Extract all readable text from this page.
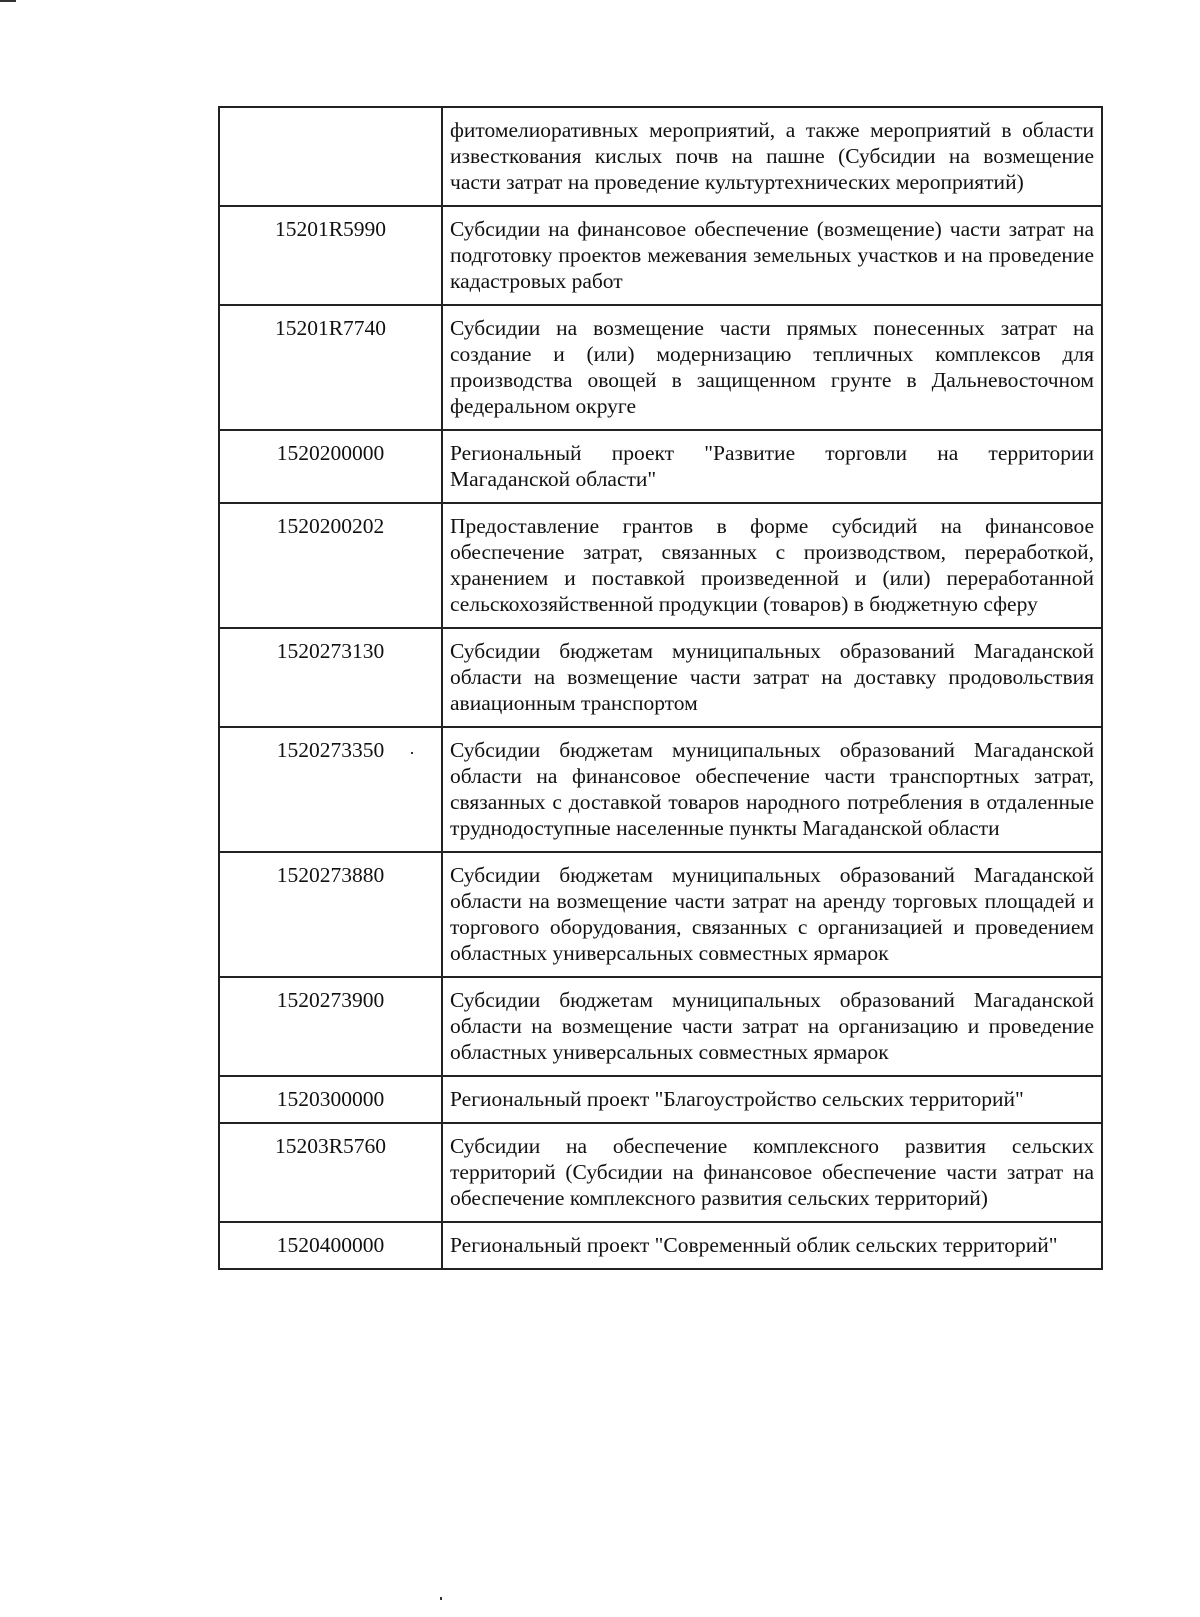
	фитомелиоративных мероприятий, а также мероприятий в области известкования кислых почв на пашне (Субсидии на возмещение части затрат на проведение культуртехнических мероприятий)
15201R5990	Субсидии на финансовое обеспечение (возмещение) части затрат на подготовку проектов межевания земельных участков и на проведение кадастровых работ
15201R7740	Субсидии на возмещение части прямых понесенных затрат на создание и (или) модернизацию тепличных комплексов для производства овощей в защищенном грунте в Дальневосточном федеральном округе
1520200000	Региональный проект "Развитие торговли на территории Магаданской области"
1520200202	Предоставление грантов в форме субсидий на финансовое обеспечение затрат, связанных с производством, переработкой, хранением и поставкой произведенной и (или) переработанной сельскохозяйственной продукции (товаров) в бюджетную сферу
1520273130	Субсидии бюджетам муниципальных образований Магаданской области на возмещение части затрат на доставку продовольствия авиационным транспортом
1520273350	Субсидии бюджетам муниципальных образований Магаданской области на финансовое обеспечение части транспортных затрат, связанных с доставкой товаров народного потребления в отдаленные труднодоступные населенные пункты Магаданской области
1520273880	Субсидии бюджетам муниципальных образований Магаданской области на возмещение части затрат на аренду торговых площадей и торгового оборудования, связанных с организацией и проведением областных универсальных совместных ярмарок
1520273900	Субсидии бюджетам муниципальных образований Магаданской области на возмещение части затрат на организацию и проведение областных универсальных совместных ярмарок
1520300000	Региональный проект "Благоустройство сельских территорий"
15203R5760	Субсидии на обеспечение комплексного развития сельских территорий (Субсидии на финансовое обеспечение части затрат на обеспечение комплексного развития сельских территорий)
1520400000	Региональный проект "Современный облик сельских территорий"
